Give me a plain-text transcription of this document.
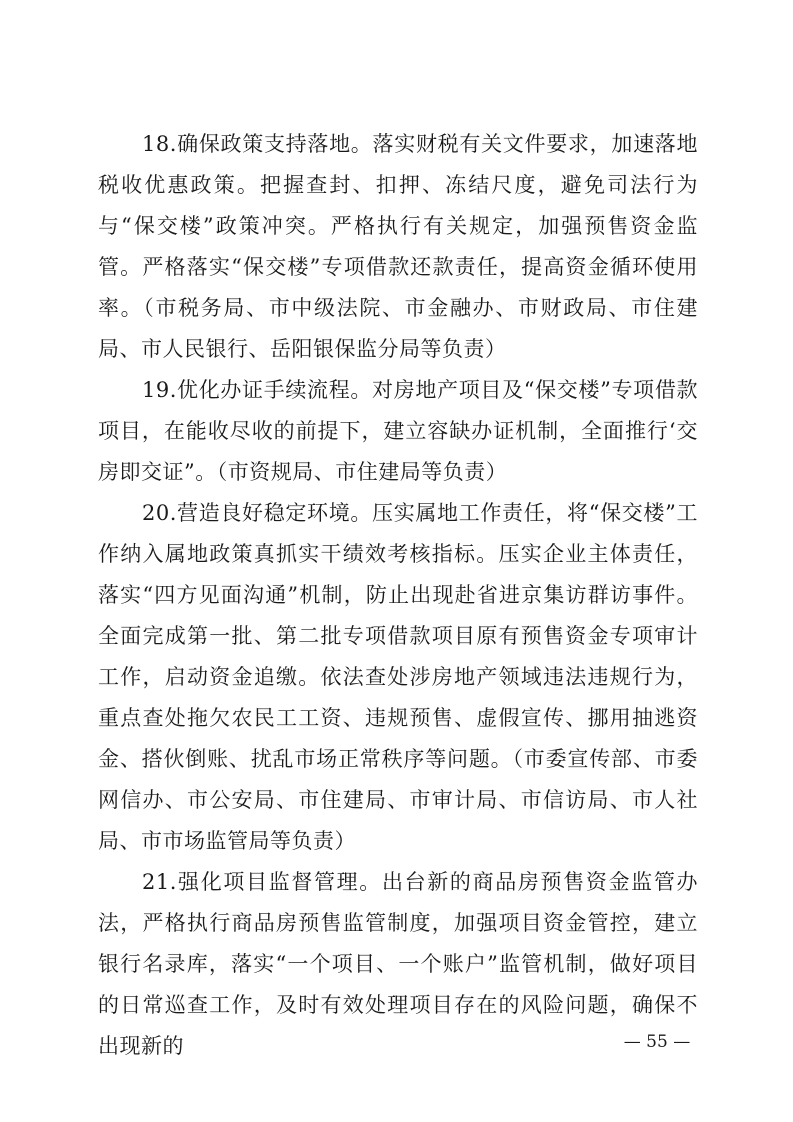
18.确保政策支持落地。落实财税有关文件要求，加速落地税收优惠政策。把握查封、扣押、冻结尺度，避免司法行为与“保交楼”政策冲突。严格执行有关规定，加强预售资金监管。严格落实“保交楼”专项借款还款责任，提高资金循环使用率。（市税务局、市中级法院、市金融办、市财政局、市住建局、市人民银行、岳阳银保监分局等负责）

19.优化办证手续流程。对房地产项目及“保交楼”专项借款项目，在能收尽收的前提下，建立容缺办证机制，全面推行‘交房即交证”。（市资规局、市住建局等负责）

20.营造良好稳定环境。压实属地工作责任，将“保交楼”工作纳入属地政策真抓实干绩效考核指标。压实企业主体责任，落实“四方见面沟通”机制，防止出现赴省进京集访群访事件。全面完成第一批、第二批专项借款项目原有预售资金专项审计工作，启动资金追缴。依法查处涉房地产领域违法违规行为，重点查处拖欠农民工工资、违规预售、虚假宣传、挪用抽逃资金、搭伙倒账、扰乱市场正常秩序等问题。（市委宣传部、市委网信办、市公安局、市住建局、市审计局、市信访局、市人社局、市市场监管局等负责）

21.强化项目监督管理。出台新的商品房预售资金监管办法，严格执行商品房预售监管制度，加强项目资金管控，建立银行名录库，落实“一个项目、一个账户”监管机制，做好项目的日常巡查工作，及时有效处理项目存在的风险问题，确保不出现新的	— 55 —
